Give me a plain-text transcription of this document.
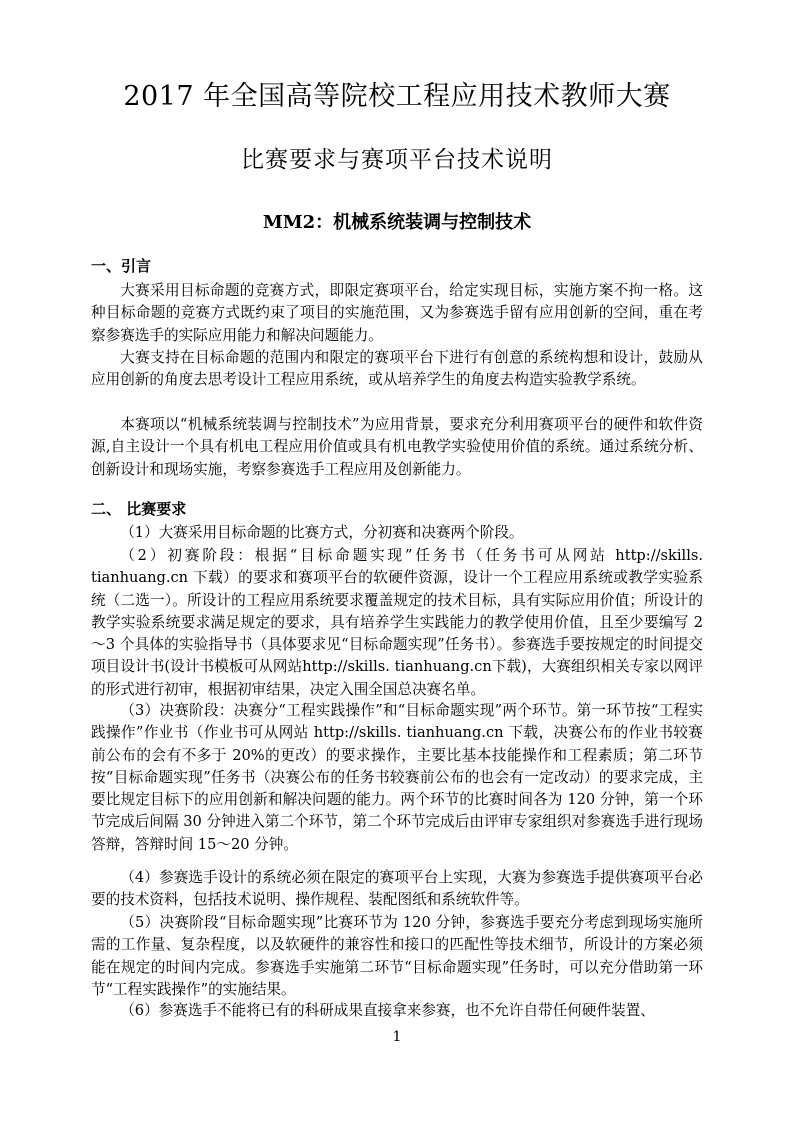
2017 年全国高等院校工程应用技术教师大赛
比赛要求与赛项平台技术说明
MM2：机械系统装调与控制技术
一、引言

大赛采用目标命题的竞赛方式，即限定赛项平台，给定实现目标，实施方案不拘一格。这种目标命题的竞赛方式既约束了项目的实施范围，又为参赛选手留有应用创新的空间，重在考察参赛选手的实际应用能力和解决问题能力。

大赛支持在目标命题的范围内和限定的赛项平台下进行有创意的系统构想和设计，鼓励从应用创新的角度去思考设计工程应用系统，或从培养学生的角度去构造实验教学系统。

本赛项以“机械系统装调与控制技术”为应用背景，要求充分利用赛项平台的硬件和软件资源,自主设计一个具有机电工程应用价值或具有机电教学实验使用价值的系统。通过系统分析、创新设计和现场实施，考察参赛选手工程应用及创新能力。

二、 比赛要求

（1）大赛采用目标命题的比赛方式，分初赛和决赛两个阶段。

（2）初赛阶段：根据“目标命题实现”任务书（任务书可从网站 http://skills. tianhuang.cn 下载）的要求和赛项平台的软硬件资源，设计一个工程应用系统或教学实验系统（二选一）。所设计的工程应用系统要求覆盖规定的技术目标，具有实际应用价值；所设计的教学实验系统要求满足规定的要求，具有培养学生实践能力的教学使用价值，且至少要编写 2～3 个具体的实验指导书（具体要求见“目标命题实现”任务书）。参赛选手要按规定的时间提交项目设计书(设计书模板可从网站http://skills. tianhuang.cn下载)，大赛组织相关专家以网评的形式进行初审，根据初审结果，决定入围全国总决赛名单。

（3）决赛阶段：决赛分“工程实践操作”和“目标命题实现”两个环节。第一环节按“工程实践操作”作业书（作业书可从网站 http://skills. tianhuang.cn 下载，决赛公布的作业书较赛前公布的会有不多于 20%的更改）的要求操作，主要比基本技能操作和工程素质；第二环节按“目标命题实现”任务书（决赛公布的任务书较赛前公布的也会有一定改动）的要求完成，主要比规定目标下的应用创新和解决问题的能力。两个环节的比赛时间各为 120 分钟，第一个环节完成后间隔 30 分钟进入第二个环节，第二个环节完成后由评审专家组织对参赛选手进行现场答辩，答辩时间 15～20 分钟。

（4）参赛选手设计的系统必须在限定的赛项平台上实现，大赛为参赛选手提供赛项平台必要的技术资料，包括技术说明、操作规程、装配图纸和系统软件等。

（5）决赛阶段“目标命题实现”比赛环节为 120 分钟，参赛选手要充分考虑到现场实施所需的工作量、复杂程度，以及软硬件的兼容性和接口的匹配性等技术细节，所设计的方案必须能在规定的时间内完成。参赛选手实施第二环节“目标命题实现”任务时，可以充分借助第一环节“工程实践操作”的实施结果。

（6）参赛选手不能将已有的科研成果直接拿来参赛，也不允许自带任何硬件装置、

1
